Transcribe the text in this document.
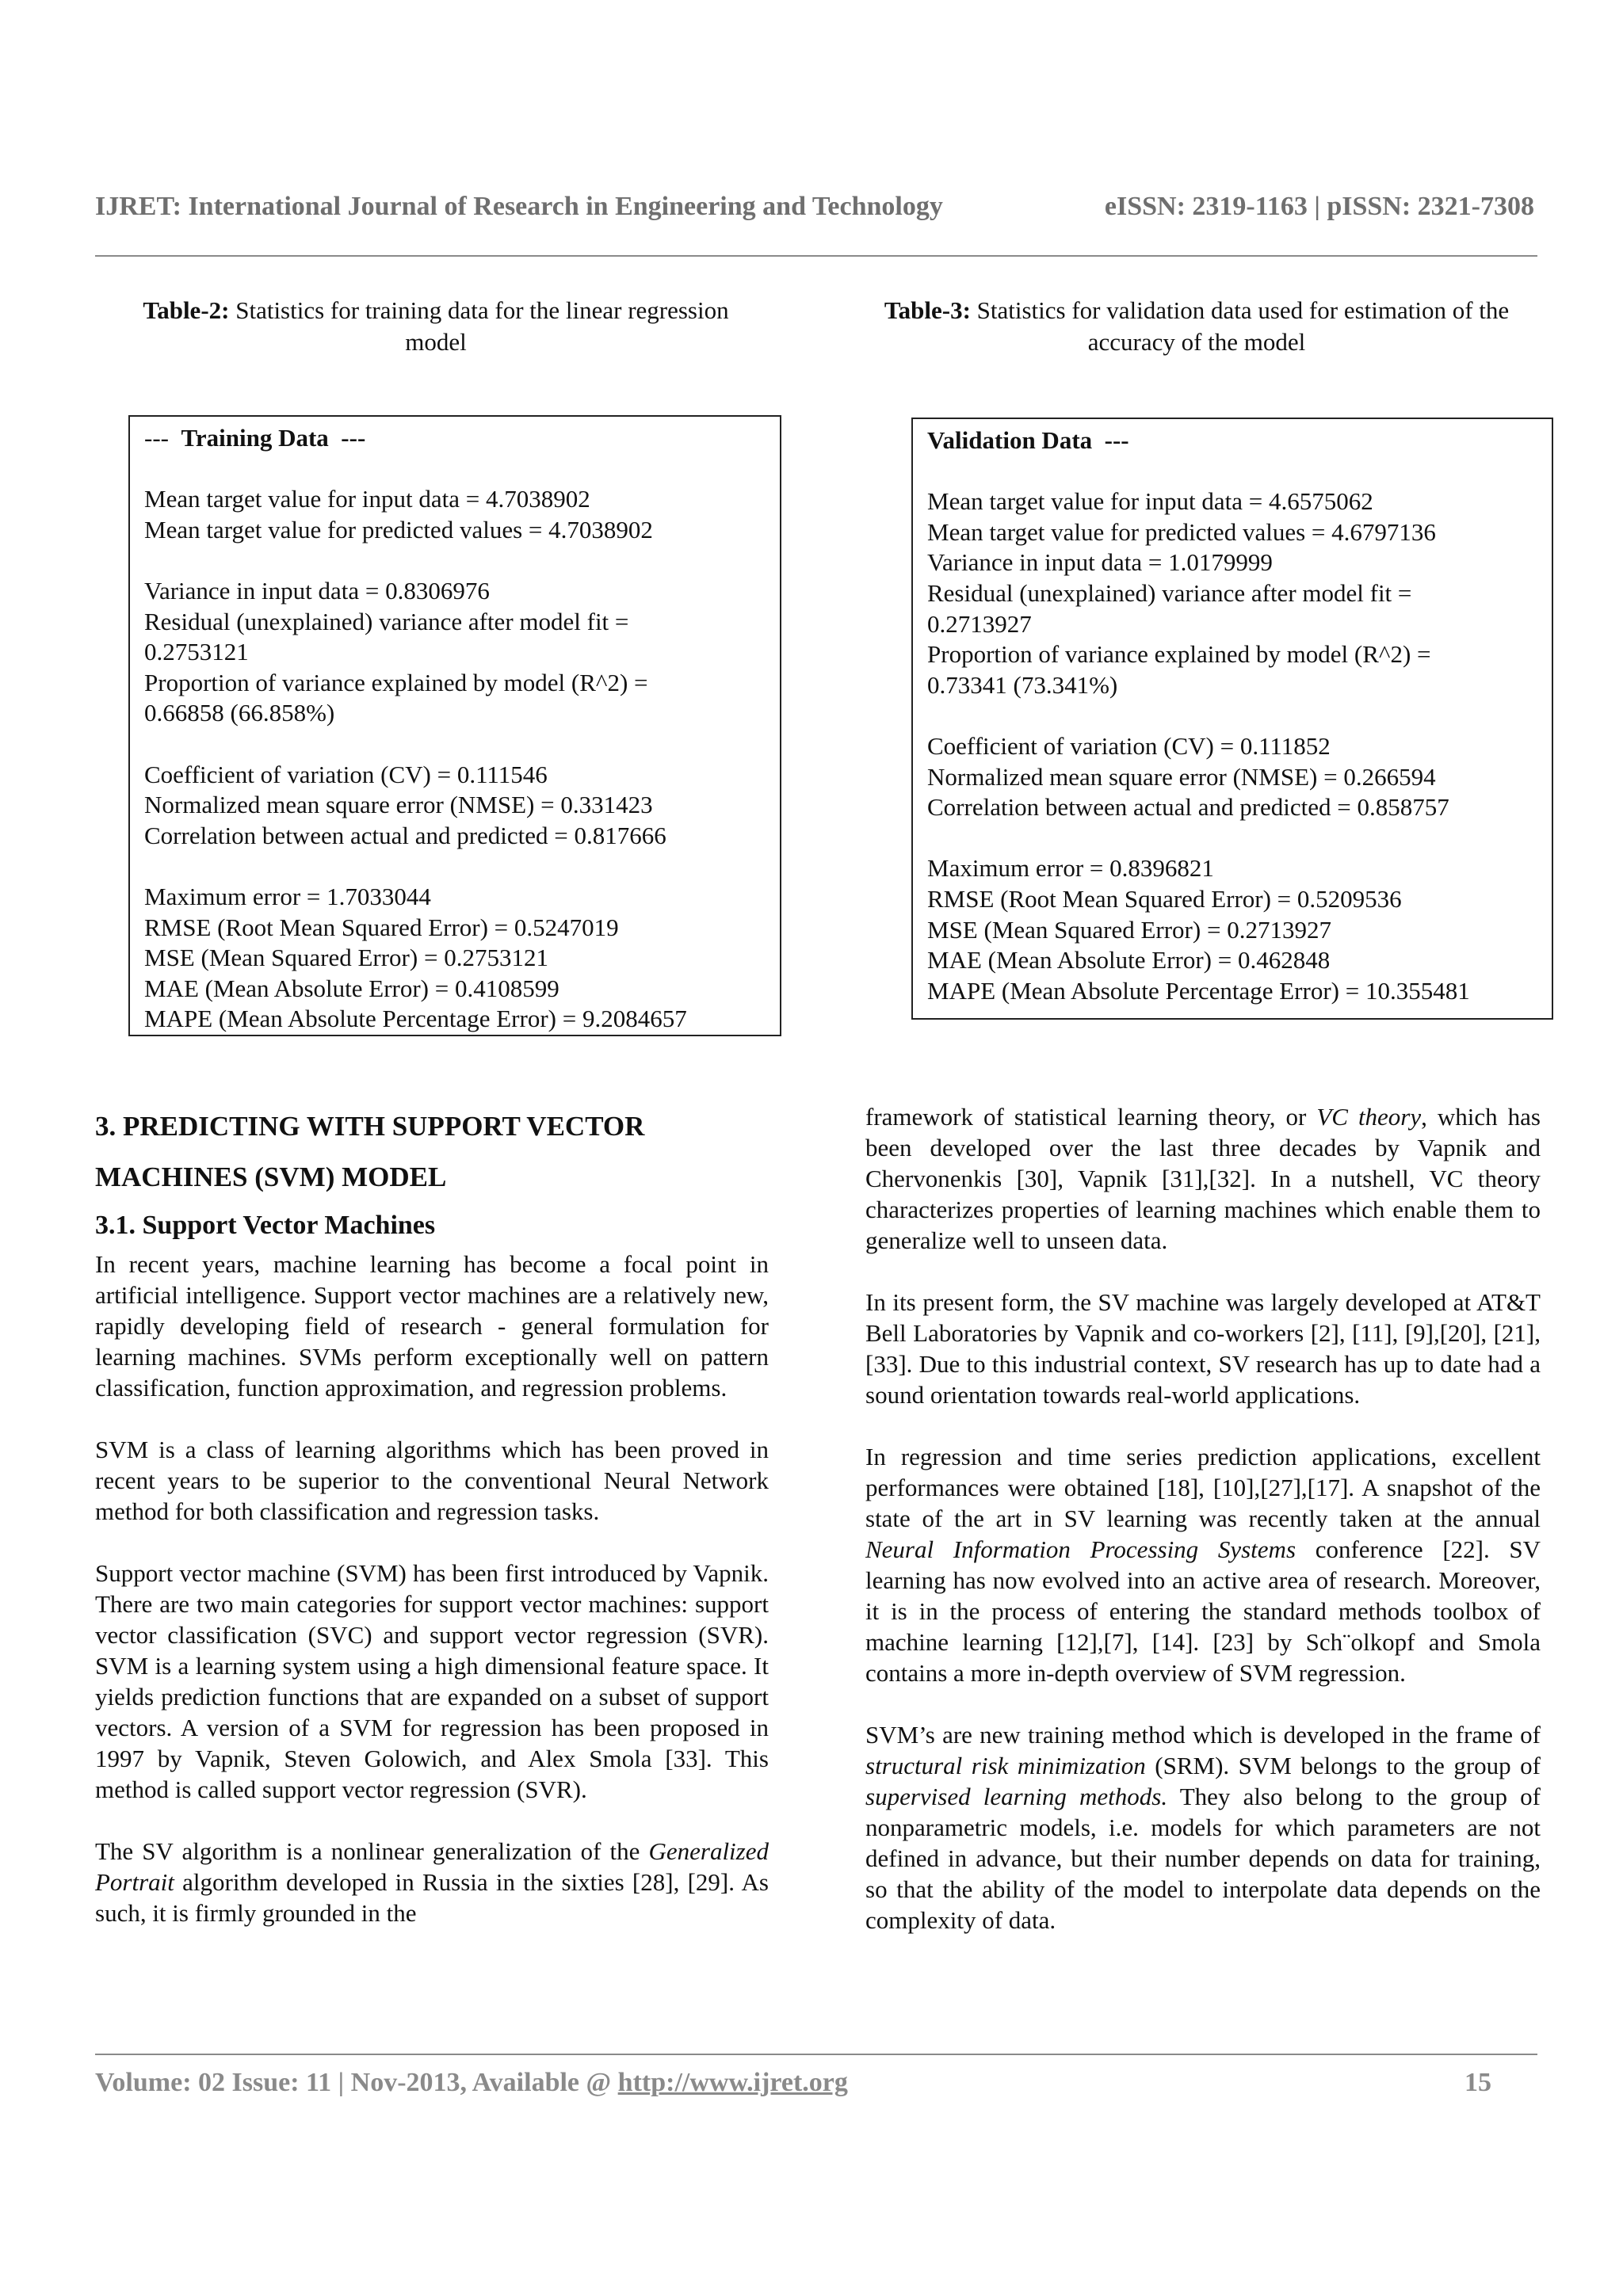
IJRET: International Journal of Research in Engineering and Technology	eISSN: 2319-1163 | pISSN: 2321-7308
Table-2: Statistics for training data for the linear regression model
Table-3: Statistics for validation data used for estimation of the accuracy of the model
--- Training Data ---
Mean target value for input data = 4.7038902
Mean target value for predicted values = 4.7038902
Variance in input data = 0.8306976
Residual (unexplained) variance after model fit =
0.2753121
Proportion of variance explained by model (R^2) =
0.66858 (66.858%)
Coefficient of variation (CV) = 0.111546
Normalized mean square error (NMSE) = 0.331423
Correlation between actual and predicted = 0.817666
Maximum error = 1.7033044
RMSE (Root Mean Squared Error) = 0.5247019
MSE (Mean Squared Error) = 0.2753121
MAE (Mean Absolute Error) = 0.4108599
MAPE (Mean Absolute Percentage Error) = 9.2084657
Validation Data ---
Mean target value for input data = 4.6575062
Mean target value for predicted values = 4.6797136
Variance in input data = 1.0179999
Residual (unexplained) variance after model fit =
0.2713927
Proportion of variance explained by model (R^2) =
0.73341 (73.341%)
Coefficient of variation (CV) = 0.111852
Normalized mean square error (NMSE) = 0.266594
Correlation between actual and predicted = 0.858757
Maximum error = 0.8396821
RMSE (Root Mean Squared Error) = 0.5209536
MSE (Mean Squared Error) = 0.2713927
MAE (Mean Absolute Error) = 0.462848
MAPE (Mean Absolute Percentage Error) = 10.355481
3. PREDICTING WITH SUPPORT VECTOR
MACHINES (SVM) MODEL
3.1. Support Vector Machines

In recent years, machine learning has become a focal point in artificial intelligence. Support vector machines are a relatively new, rapidly developing field of research - general formulation for learning machines. SVMs perform exceptionally well on pattern classification, function approximation, and regression problems.

SVM is a class of learning algorithms which has been proved in recent years to be superior to the conventional Neural Network method for both classification and regression tasks.

Support vector machine (SVM) has been first introduced by Vapnik. There are two main categories for support vector machines: support vector classification (SVC) and support vector regression (SVR). SVM is a learning system using a high dimensional feature space. It yields prediction functions that are expanded on a subset of support vectors. A version of a SVM for regression has been proposed in 1997 by Vapnik, Steven Golowich, and Alex Smola [33]. This method is called support vector regression (SVR).

The SV algorithm is a nonlinear generalization of the Generalized Portrait algorithm developed in Russia in the sixties [28], [29]. As such, it is firmly grounded in the

framework of statistical learning theory, or VC theory, which has been developed over the last three decades by Vapnik and Chervonenkis [30], Vapnik [31],[32]. In a nutshell, VC theory characterizes properties of learning machines which enable them to generalize well to unseen data.

In its present form, the SV machine was largely developed at AT&T Bell Laboratories by Vapnik and co-workers [2], [11], [9],[20], [21], [33]. Due to this industrial context, SV research has up to date had a sound orientation towards real-world applications.

In regression and time series prediction applications, excellent performances were obtained [18], [10],[27],[17]. A snapshot of the state of the art in SV learning was recently taken at the annual Neural Information Processing Systems conference [22]. SV learning has now evolved into an active area of research. Moreover, it is in the process of entering the standard methods toolbox of machine learning [12],[7], [14]. [23] by Sch¨olkopf and Smola contains a more in-depth overview of SVM regression.

SVM’s are new training method which is developed in the frame of structural risk minimization (SRM). SVM belongs to the group of supervised learning methods. They also belong to the group of nonparametric models, i.e. models for which parameters are not defined in advance, but their number depends on data for training, so that the ability of the model to interpolate data depends on the complexity of data.

Volume: 02 Issue: 11 | Nov-2013, Available @ http://www.ijret.org	15
